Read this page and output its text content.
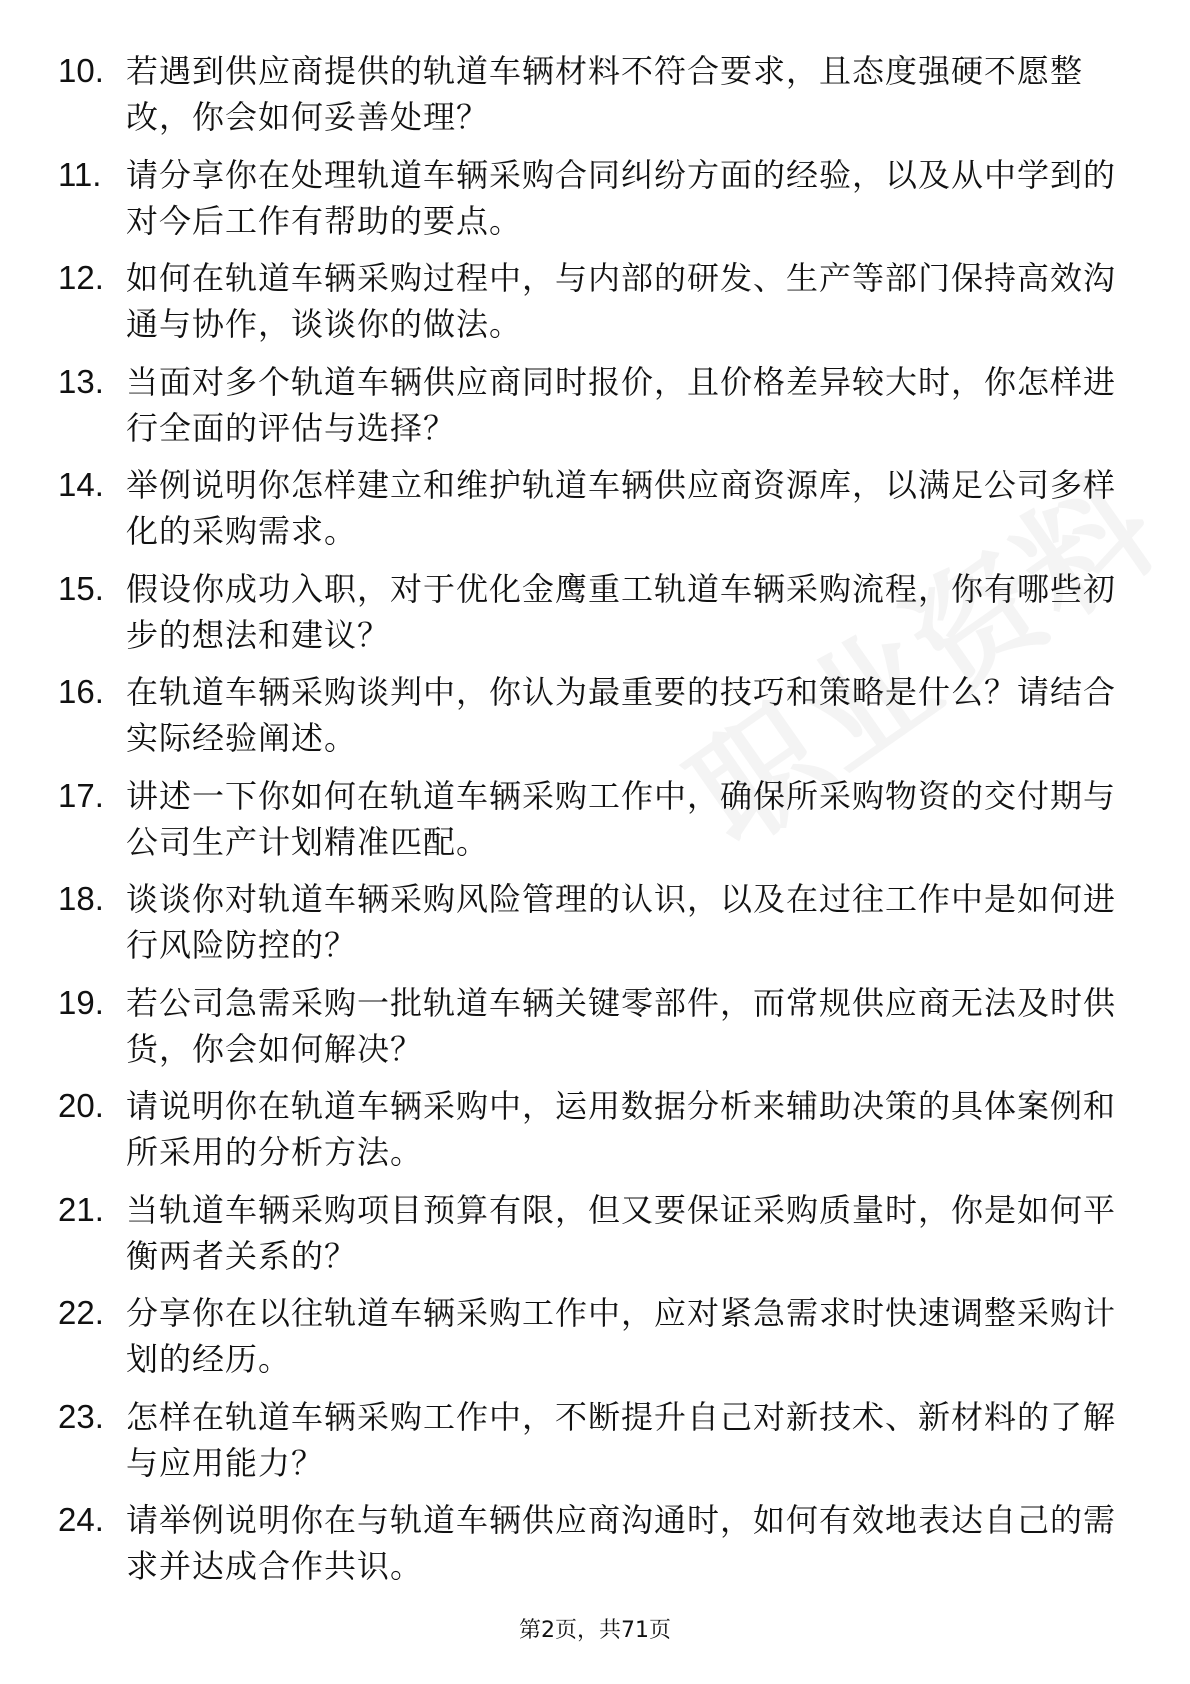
10. 若遇到供应商提供的轨道车辆材料不符合要求，且态度强硬不愿整改，你会如何妥善处理？
11. 请分享你在处理轨道车辆采购合同纠纷方面的经验，以及从中学到的对今后工作有帮助的要点。
12. 如何在轨道车辆采购过程中，与内部的研发、生产等部门保持高效沟通与协作，谈谈你的做法。
13. 当面对多个轨道车辆供应商同时报价，且价格差异较大时，你怎样进行全面的评估与选择？
14. 举例说明你怎样建立和维护轨道车辆供应商资源库，以满足公司多样化的采购需求。
15. 假设你成功入职，对于优化金鹰重工轨道车辆采购流程，你有哪些初步的想法和建议？
16. 在轨道车辆采购谈判中，你认为最重要的技巧和策略是什么？请结合实际经验阐述。
17. 讲述一下你如何在轨道车辆采购工作中，确保所采购物资的交付期与公司生产计划精准匹配。
18. 谈谈你对轨道车辆采购风险管理的认识，以及在过往工作中是如何进行风险防控的？
19. 若公司急需采购一批轨道车辆关键零部件，而常规供应商无法及时供货，你会如何解决？
20. 请说明你在轨道车辆采购中，运用数据分析来辅助决策的具体案例和所采用的分析方法。
21. 当轨道车辆采购项目预算有限，但又要保证采购质量时，你是如何平衡两者关系的？
22. 分享你在以往轨道车辆采购工作中，应对紧急需求时快速调整采购计划的经历。
23. 怎样在轨道车辆采购工作中，不断提升自己对新技术、新材料的了解与应用能力？
24. 请举例说明你在与轨道车辆供应商沟通时，如何有效地表达自己的需求并达成合作共识。
第2页，共71页
